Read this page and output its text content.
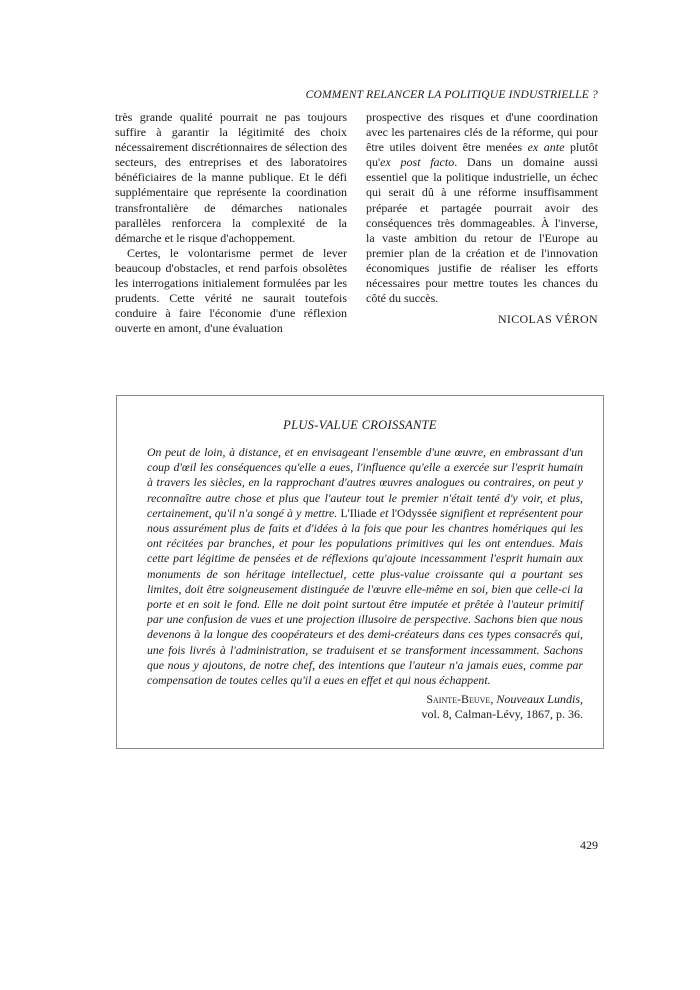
COMMENT RELANCER LA POLITIQUE INDUSTRIELLE ?

très grande qualité pourrait ne pas toujours suffire à garantir la légitimité des choix nécessairement discrétionnaires de sélection des secteurs, des entreprises et des laboratoires bénéficiaires de la manne publique. Et le défi supplémentaire que représente la coordination transfrontalière de démarches nationales parallèles renforcera la complexité de la démarche et le risque d'achoppement.

Certes, le volontarisme permet de lever beaucoup d'obstacles, et rend parfois obsolètes les interrogations initialement formulées par les prudents. Cette vérité ne saurait toutefois conduire à faire l'économie d'une réflexion ouverte en amont, d'une évaluation

prospective des risques et d'une coordination avec les partenaires clés de la réforme, qui pour être utiles doivent être menées ex ante plutôt qu'ex post facto. Dans un domaine aussi essentiel que la politique industrielle, un échec qui serait dû à une réforme insuffisamment préparée et partagée pourrait avoir des conséquences très dommageables. À l'inverse, la vaste ambition du retour de l'Europe au premier plan de la création et de l'innovation économiques justifie de réaliser les efforts nécessaires pour mettre toutes les chances du côté du succès.

NICOLAS VÉRON

PLUS-VALUE CROISSANTE

On peut de loin, à distance, et en envisageant l'ensemble d'une œuvre, en embrassant d'un coup d'œil les conséquences qu'elle a eues, l'influence qu'elle a exercée sur l'esprit humain à travers les siècles, en la rapprochant d'autres œuvres analogues ou contraires, on peut y reconnaître autre chose et plus que l'auteur tout le premier n'était tenté d'y voir, et plus, certainement, qu'il n'a songé à y mettre. L'Iliade et l'Odyssée signifient et représentent pour nous assurément plus de faits et d'idées à la fois que pour les chantres homériques qui les ont récitées par branches, et pour les populations primitives qui les ont entendues. Mais cette part légitime de pensées et de réflexions qu'ajoute incessamment l'esprit humain aux monuments de son héritage intellectuel, cette plus-value croissante qui a pourtant ses limites, doit être soigneusement distinguée de l'œuvre elle-même en soi, bien que celle-ci la porte et en soit le fond. Elle ne doit point surtout être imputée et prêtée à l'auteur primitif par une confusion de vues et une projection illusoire de perspective. Sachons bien que nous devenons à la longue des coopérateurs et des demi-créateurs dans ces types consacrés qui, une fois livrés à l'administration, se traduisent et se transforment incessamment. Sachons que nous y ajoutons, de notre chef, des intentions que l'auteur n'a jamais eues, comme par compensation de toutes celles qu'il a eues en effet et qui nous échappent.

Sainte-Beuve, Nouveaux Lundis,
vol. 8, Calman-Lévy, 1867, p. 36.
429
